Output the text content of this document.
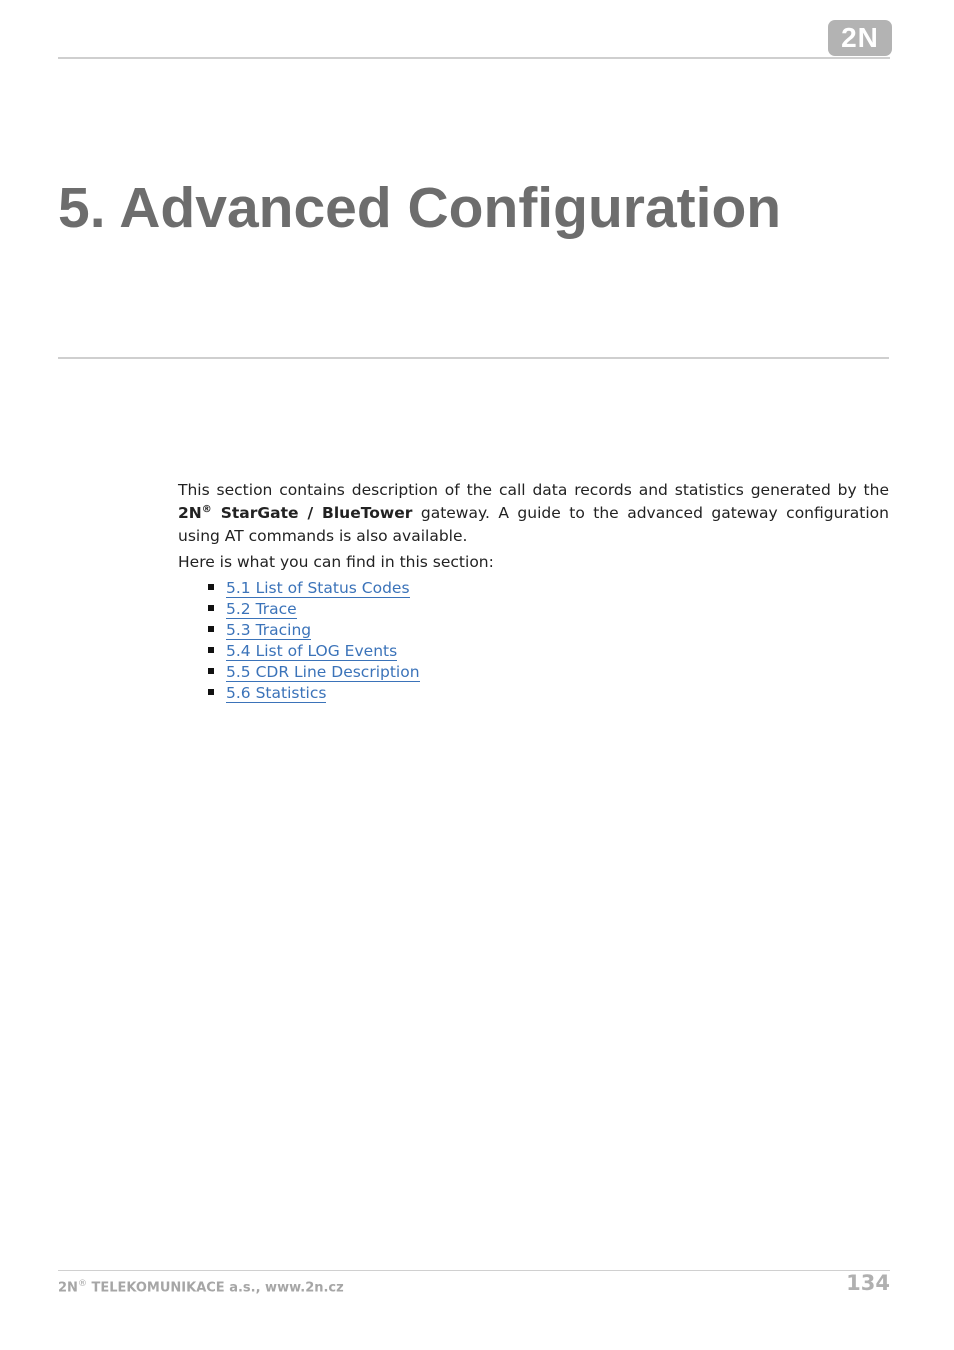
2N
5. Advanced Configuration

This section contains description of the call data records and statistics generated by the 2N® StarGate / BlueTower gateway. A guide to the advanced gateway configuration using AT commands is also available.

Here is what you can find in this section:

5.1 List of Status Codes
5.2 Trace
5.3 Tracing
5.4 List of LOG Events
5.5 CDR Line Description
5.6 Statistics
2N® TELEKOMUNIKACE a.s., www.2n.cz	134
